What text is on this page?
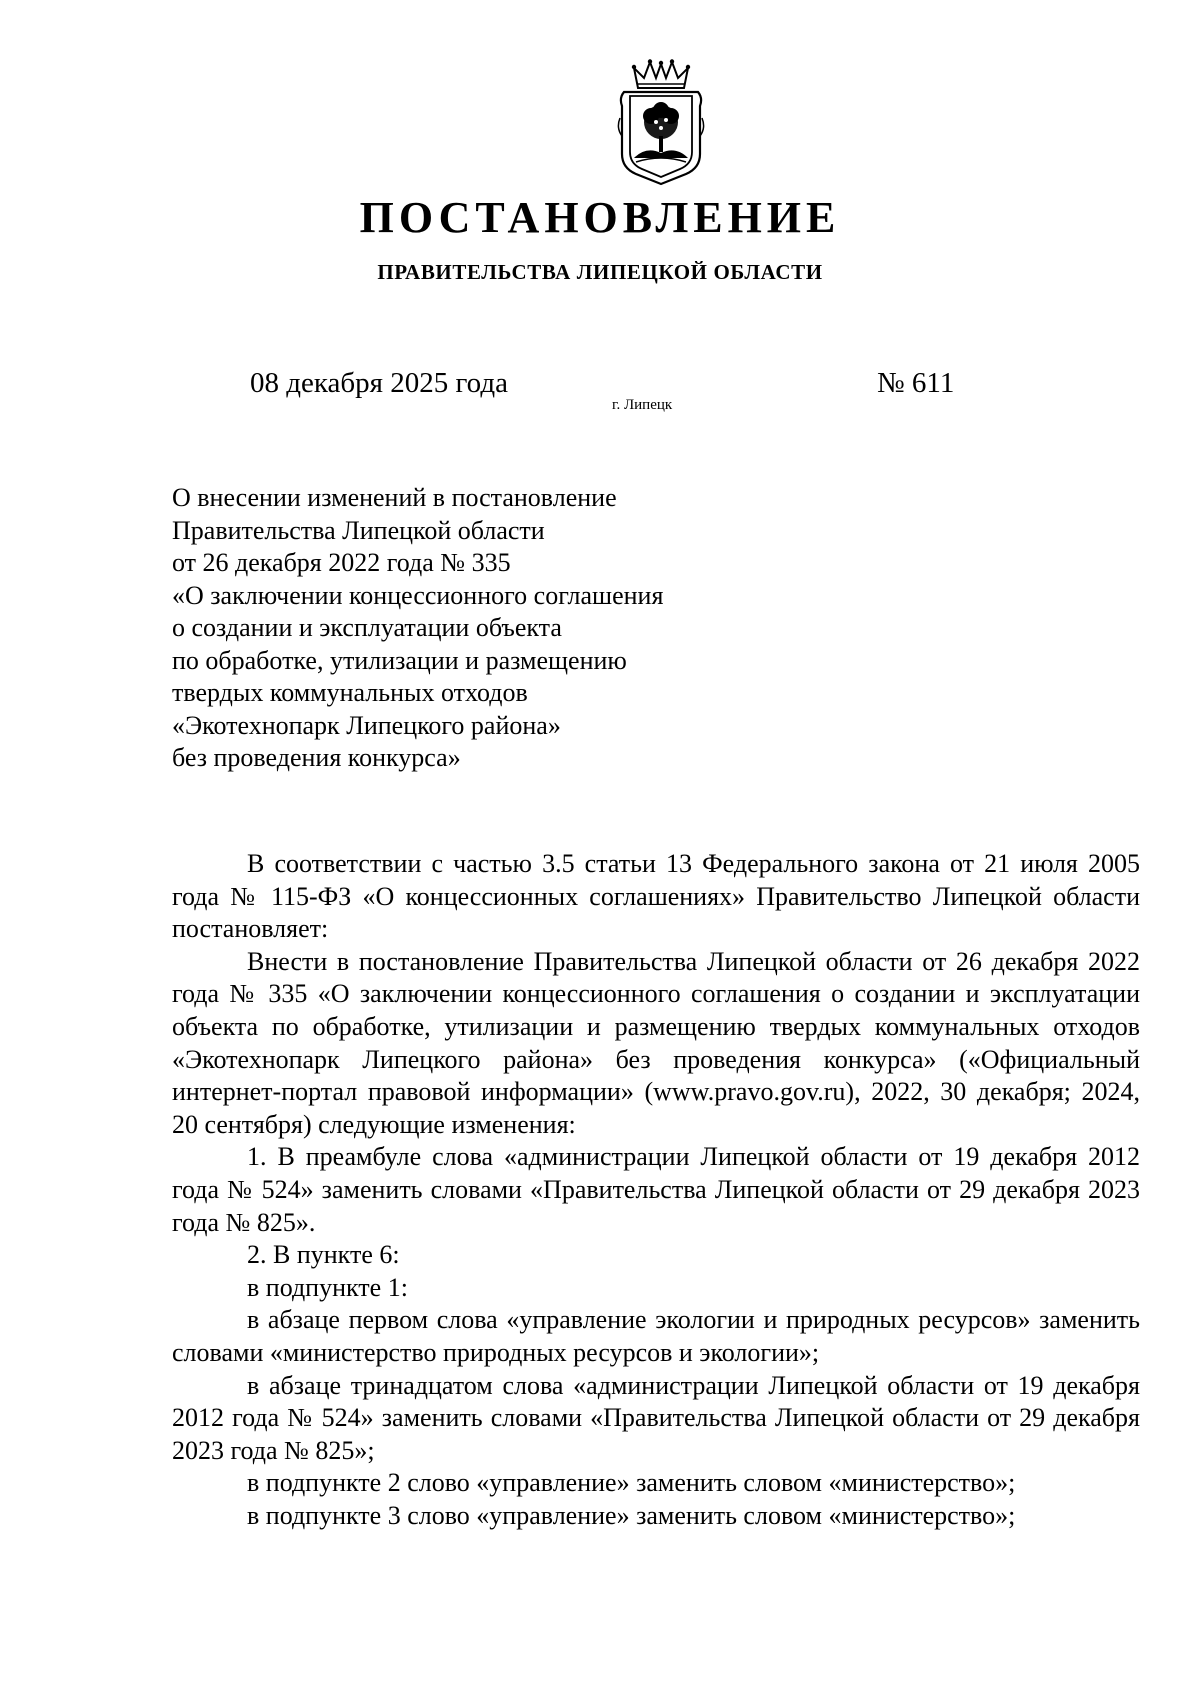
ПОСТАНОВЛЕНИЕ
ПРАВИТЕЛЬСТВА ЛИПЕЦКОЙ ОБЛАСТИ
08 декабря 2025 года
г. Липецк
№ 611
О внесении изменений в постановление
Правительства Липецкой области
от 26 декабря 2022 года № 335
«О заключении концессионного соглашения
о создании и эксплуатации объекта
по обработке, утилизации и размещению
твердых коммунальных отходов
«Экотехнопарк Липецкого района»
без проведения конкурса»

В соответствии с частью 3.5 статьи 13 Федерального закона от 21 июля 2005 года № 115-ФЗ «О концессионных соглашениях» Правительство Липецкой области постановляет:

Внести в постановление Правительства Липецкой области от 26 декабря 2022 года № 335 «О заключении концессионного соглашения о создании и эксплуатации объекта по обработке, утилизации и размещению твердых коммунальных отходов «Экотехнопарк Липецкого района» без проведения конкурса» («Официальный интернет-портал правовой информации» (www.pravo.gov.ru), 2022, 30 декабря; 2024, 20 сентября) следующие изменения:

1. В преамбуле слова «администрации Липецкой области от 19 декабря 2012 года № 524» заменить словами «Правительства Липецкой области от 29 декабря 2023 года № 825».

2. В пункте 6:

в подпункте 1:

в абзаце первом слова «управление экологии и природных ресурсов» заменить словами «министерство природных ресурсов и экологии»;

в абзаце тринадцатом слова «администрации Липецкой области от 19 декабря 2012 года № 524» заменить словами «Правительства Липецкой области от 29 декабря 2023 года № 825»;

в подпункте 2 слово «управление» заменить словом «министерство»;

в подпункте 3 слово «управление» заменить словом «министерство»;
